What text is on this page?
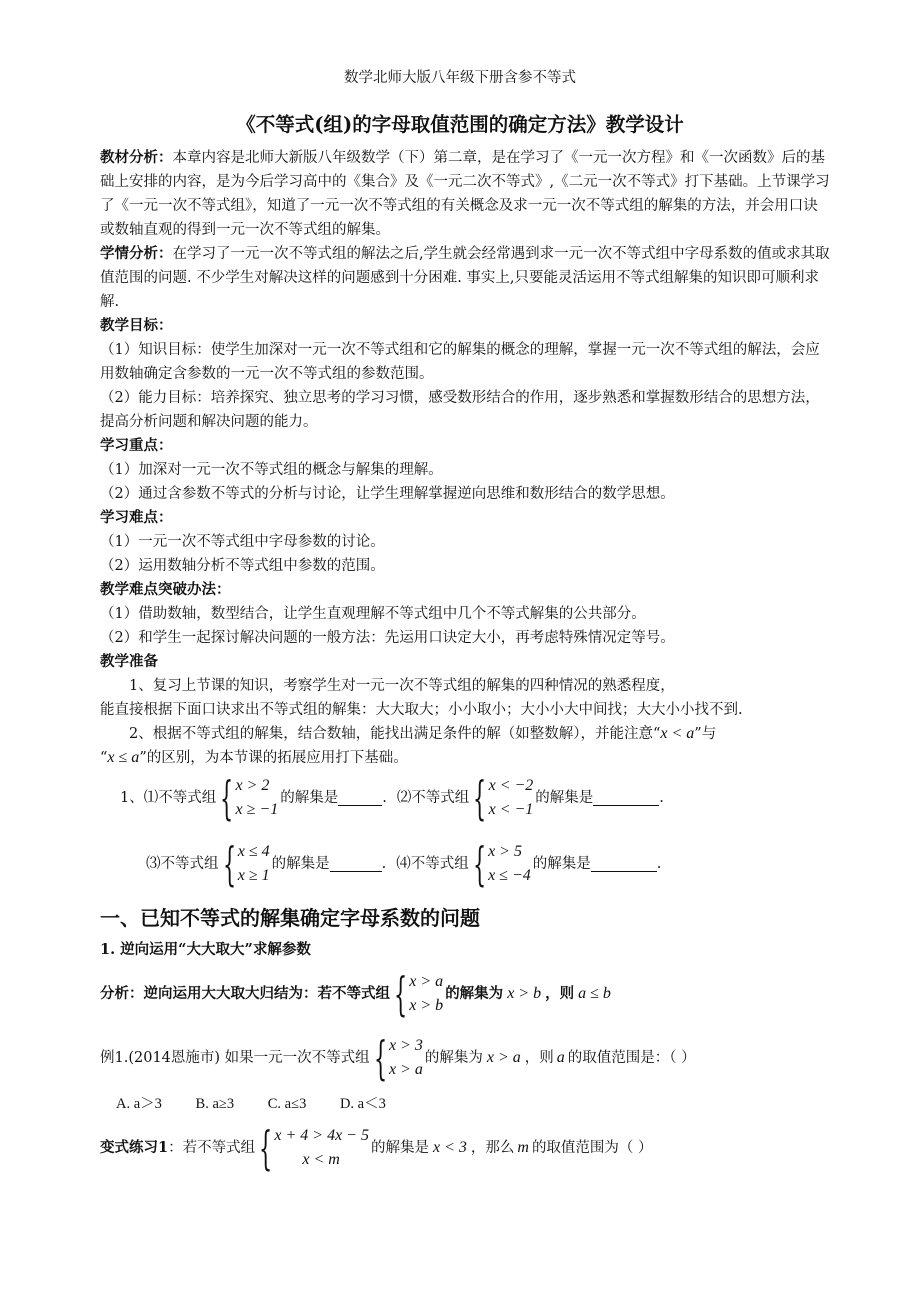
数学北师大版八年级下册含参不等式
《不等式(组)的字母取值范围的确定方法》教学设计

教材分析：本章内容是北师大新版八年级数学（下）第二章，是在学习了《一元一次方程》和《一次函数》后的基础上安排的内容，是为今后学习高中的《集合》及《一元二次不等式》,《二元一次不等式》打下基础。上节课学习了《一元一次不等式组》，知道了一元一次不等式组的有关概念及求一元一次不等式组的解集的方法，并会用口诀或数轴直观的得到一元一次不等式组的解集。

学情分析：在学习了一元一次不等式组的解法之后,学生就会经常遇到求一元一次不等式组中字母系数的值或求其取值范围的问题. 不少学生对解决这样的问题感到十分困难. 事实上,只要能灵活运用不等式组解集的知识即可顺利求解.

教学目标：

（1）知识目标：使学生加深对一元一次不等式组和它的解集的概念的理解，掌握一元一次不等式组的解法，会应用数轴确定含参数的一元一次不等式组的参数范围。

（2）能力目标：培养探究、独立思考的学习习惯，感受数形结合的作用，逐步熟悉和掌握数形结合的思想方法，提高分析问题和解决问题的能力。

学习重点：

（1）加深对一元一次不等式组的概念与解集的理解。

（2）通过含参数不等式的分析与讨论，让学生理解掌握逆向思维和数形结合的数学思想。

学习难点：

（1）一元一次不等式组中字母参数的讨论。

（2）运用数轴分析不等式组中参数的范围。

教学难点突破办法：

（1）借助数轴，数型结合，让学生直观理解不等式组中几个不等式解集的公共部分。

（2）和学生一起探讨解决问题的一般方法：先运用口诀定大小，再考虑特殊情况定等号。

教学准备

1、复习上节课的知识，考察学生对一元一次不等式组的解集的四种情况的熟悉程度，

能直接根据下面口诀求出不等式组的解集：大大取大；小小取小；大小小大中间找；大大小小找不到.

2、根据不等式组的解集，结合数轴，能找出满足条件的解（如整数解），并能注意“x < a”与

“x ≤ a”的区别，为本节课的拓展应用打下基础。

1、 ⑴不等式组 { x > 2
x ≥ −1
的解集是	. ⑵不等式组 { x < −2
x < −1
的解集是	.
⑶不等式组 { x ≤ 4
x ≥ 1
的解集是	. ⑷不等式组 { x > 5
x ≤ −4
的解集是	.

一、已知不等式的解集确定字母系数的问题

1. 逆向运用“大大取大”求解参数

分析：逆向运用大大取大归结为：若不等式组 { x > a
x > b
的解集为 x > b ，则 a ≤ b
例1.(2014恩施市) 如果一元一次不等式组 { x > 3
x > a
的解集为 x > a ，则 a 的取值范围是：（ ）

A. a＞3 B. a≥3 C. a≤3 D. a＜3

变式练习1 ：若不等式组 { x + 4 > 4x − 5
x < m
的解集是 x < 3 ，那么 m 的取值范围为（ ）
